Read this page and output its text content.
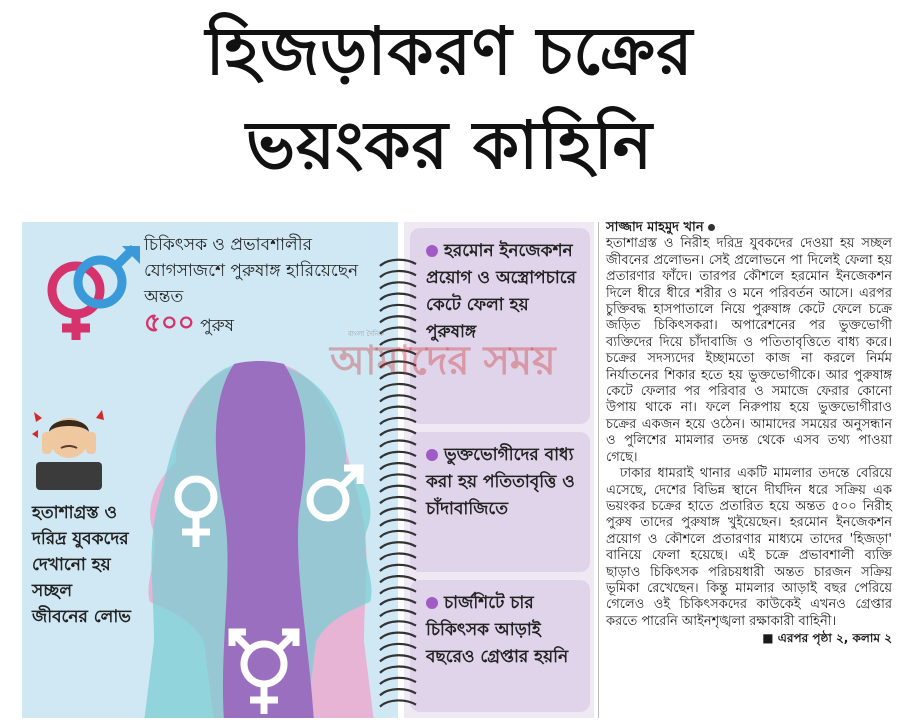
হিজড়াকরণ চক্রের
ভয়ংকর কাহিনি
চিকিৎসক ও প্রভাবশালীর যোগসাজশে পুরুষাঙ্গ হারিয়েছেন অন্তত
৫০০ পুরুষ
হতাশাগ্রস্ত ও দরিদ্র যুবকদের দেখানো হয় সচ্ছল জীবনের লোভ
হরমোন ইনজেকশন প্রয়োগ ও অস্ত্রোপচারে কেটে ফেলা হয় পুরুষাঙ্গ
ভুক্তভোগীদের বাধ্য করা হয় পতিতাবৃত্তি ও চাঁদাবাজিতে
চার্জশিটে চার চিকিৎসক আড়াই বছরেও গ্রেপ্তার হয়নি
বাংলা দৈনিক
আমাদের সময়
সাজ্জাদ মাহমুদ খান

হতাশাগ্রস্ত ও নিরীহ দরিদ্র যুবকদের দেওয়া হয় সচ্ছল জীবনের প্রলোভন। সেই প্রলোভনে পা দিলেই ফেলা হয় প্রতারণার ফাঁদে। তারপর কৌশলে হরমোন ইনজেকশন দিলে ধীরে ধীরে শরীর ও মনে পরিবর্তন আসে। এরপর চুক্তিবদ্ধ হাসপাতালে নিয়ে পুরুষাঙ্গ কেটে ফেলে চক্রে জড়িত চিকিৎসকরা। অপারেশনের পর ভুক্তভোগী ব্যক্তিদের দিয়ে চাঁদাবাজি ও পতিতাবৃত্তিতে বাধ্য করে। চক্রের সদস্যদের ইচ্ছামতো কাজ না করলে নির্মম নির্যাতনের শিকার হতে হয় ভুক্তভোগীকে। আর পুরুষাঙ্গ কেটে ফেলার পর পরিবার ও সমাজে ফেরার কোনো উপায় থাকে না। ফলে নিরুপায় হয়ে ভুক্তভোগীরাও চক্রের একজন হয়ে ওঠেন। আমাদের সময়ের অনুসন্ধান ও পুলিশের মামলার তদন্ত থেকে এসব তথ্য পাওয়া গেছে।

ঢাকার ধামরাই থানার একটি মামলার তদন্তে বেরিয়ে এসেছে, দেশের বিভিন্ন স্থানে দীর্ঘদিন ধরে সক্রিয় এক ভয়ংকর চক্রের হাতে প্রতারিত হয়ে অন্তত ৫০০ নিরীহ পুরুষ তাদের পুরুষাঙ্গ খুইয়েছেন। হরমোন ইনজেকশন প্রয়োগ ও কৌশলে প্রতারণার মাধ্যমে তাদের 'হিজড়া' বানিয়ে ফেলা হয়েছে। এই চক্রে প্রভাবশালী ব্যক্তি ছাড়াও চিকিৎসক পরিচয়ধারী অন্তত চারজন সক্রিয় ভূমিকা রেখেছেন। কিন্তু মামলার আড়াই বছর পেরিয়ে গেলেও ওই চিকিৎসকদের কাউকেই এখনও গ্রেপ্তার করতে পারেনি আইনশৃঙ্খলা রক্ষাকারী বাহিনী।

■ এরপর পৃষ্ঠা ২, কলাম ২
